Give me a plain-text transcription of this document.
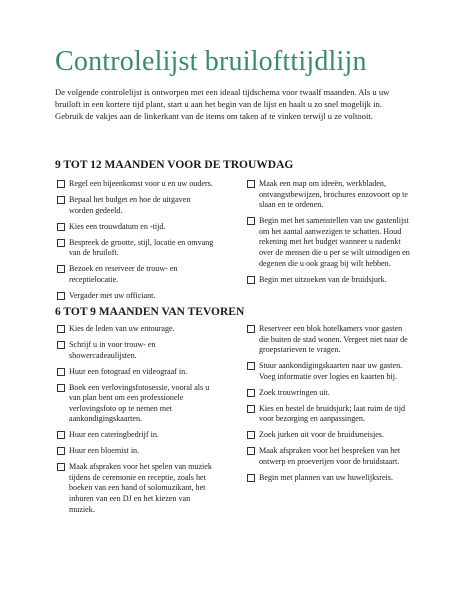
Controlelijst bruilofttijdlijn
De volgende controlelijst is ontworpen met een ideaal tijdschema voor twaalf maanden. Als u uw bruiloft in een kortere tijd plant, start u aan het begin van de lijst en haalt u zo snel mogelijk in. Gebruik de vakjes aan de linkerkant van de items om taken af te vinken terwijl u ze voltooit.
9 TOT 12 MAANDEN VOOR DE TROUWDAG
Regel een bijeenkomst voor u en uw ouders.
Bepaal het budget en hoe de uitgaven worden gedeeld.
Kies een trouwdatum en -tijd.
Bespreek de grootte, stijl, locatie en omvang van de bruiloft.
Bezoek en reserveer de trouw- en receptielocatie.
Vergader met uw officiant.
Maak een map om ideeën, werkbladen, ontvangstbewijzen, brochures enzovoort op te slaan en te ordenen.
Begin met het samenstellen van uw gastenlijst om het aantal aanwezigen te schatten. Houd rekening met het budget wanneer u nadenkt over de mensen die u per se wilt uitnodigen en degenen die u ook graag bij wilt hebben.
Begin met uitzoeken van de bruidsjurk.
6 TOT 9 MAANDEN VAN TEVOREN
Kies de leden van uw entourage.
Schrijf u in voor trouw- en showercadeaulijsten.
Huur een fotograaf en videograaf in.
Boek een verlovingsfotosessie, vooral als u van plan bent om een professionele verlovingsfoto op te nemen met aankondigingskaarten.
Huur een cateringbedrijf in.
Huur een bloemist in.
Maak afspraken voor het spelen van muziek tijdens de ceremonie en receptie, zoals het boeken van een band of solomuzikant, het inhuren van een DJ en het kiezen van muziek.
Reserveer een blok hotelkamers voor gasten die buiten de stad wonen. Vergeet niet naar de groepstarieven te vragen.
Stuur aankondigingskaarten naar uw gasten. Voeg informatie over logies en kaarten bij.
Zoek trouwringen uit.
Kies en bestel de bruidsjurk; laat ruim de tijd voor bezorging en aanpassingen.
Zoek jurken uit voor de bruidsmeisjes.
Maak afspraken voor het bespreken van het ontwerp en proeverijen voor de bruidstaart.
Begin met plannen van uw huwelijksreis.
